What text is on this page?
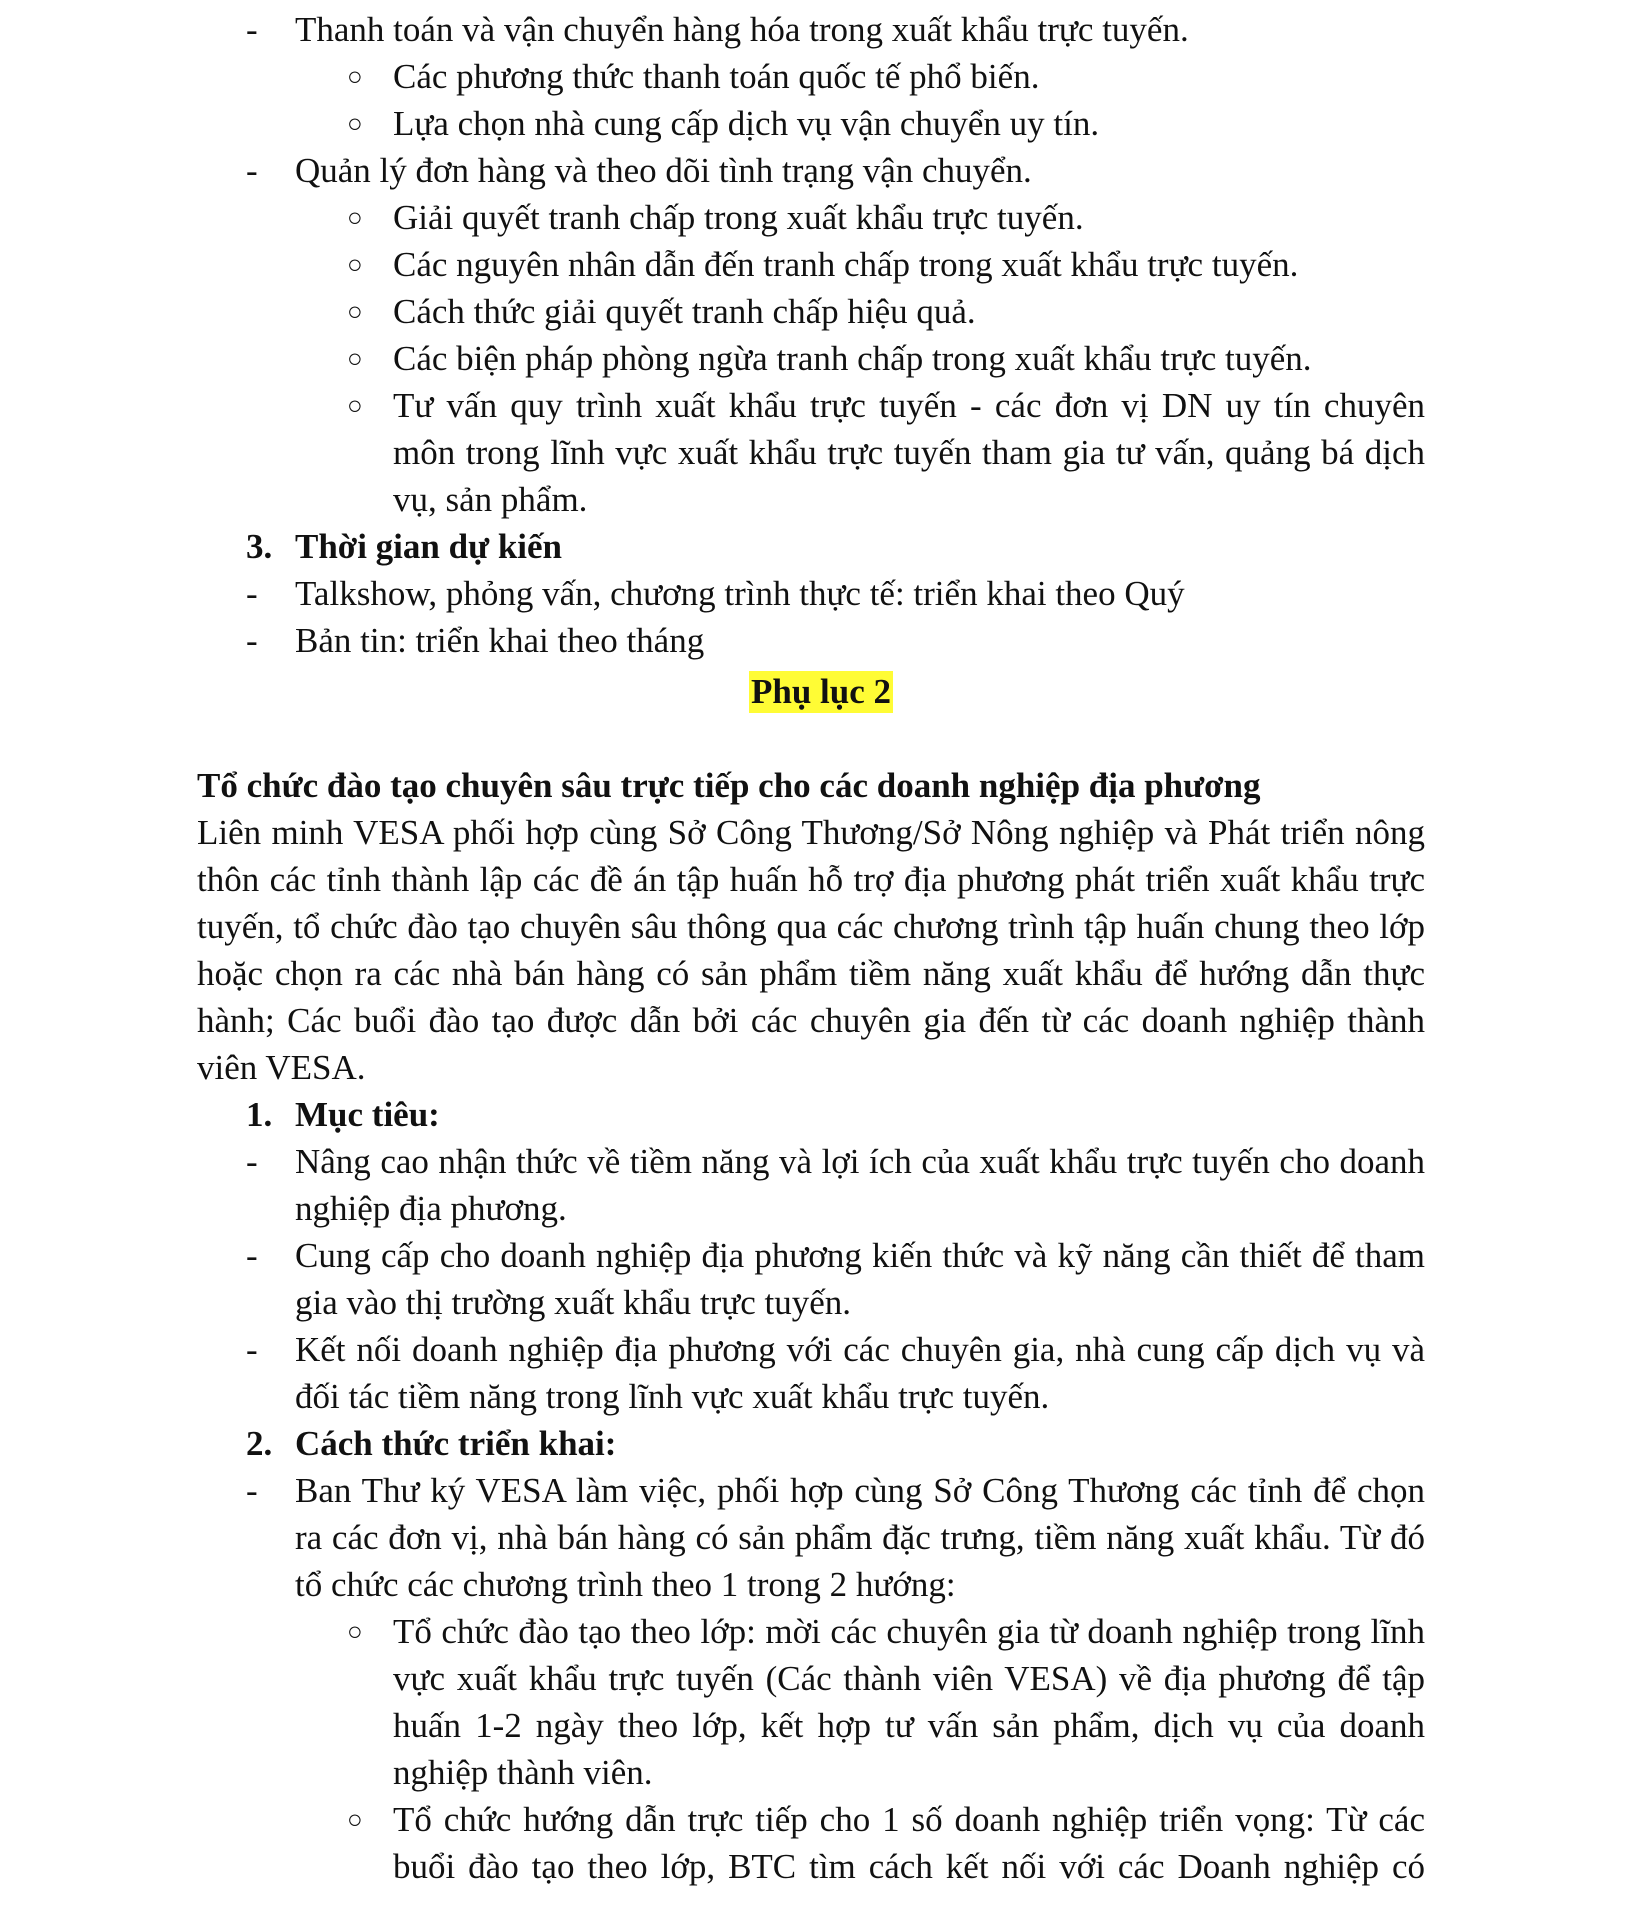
- Thanh toán và vận chuyển hàng hóa trong xuất khẩu trực tuyến.
○ Các phương thức thanh toán quốc tế phổ biến.
○ Lựa chọn nhà cung cấp dịch vụ vận chuyển uy tín.
- Quản lý đơn hàng và theo dõi tình trạng vận chuyển.
○ Giải quyết tranh chấp trong xuất khẩu trực tuyến.
○ Các nguyên nhân dẫn đến tranh chấp trong xuất khẩu trực tuyến.
○ Cách thức giải quyết tranh chấp hiệu quả.
○ Các biện pháp phòng ngừa tranh chấp trong xuất khẩu trực tuyến.
○ Tư vấn quy trình xuất khẩu trực tuyến - các đơn vị DN uy tín chuyên môn trong lĩnh vực xuất khẩu trực tuyến tham gia tư vấn, quảng bá dịch vụ, sản phẩm.
3. Thời gian dự kiến
- Talkshow, phỏng vấn, chương trình thực tế: triển khai theo Quý
- Bản tin: triển khai theo tháng
Phụ lục 2
Tổ chức đào tạo chuyên sâu trực tiếp cho các doanh nghiệp địa phương
Liên minh VESA phối hợp cùng Sở Công Thương/Sở Nông nghiệp và Phát triển nông thôn các tỉnh thành lập các đề án tập huấn hỗ trợ địa phương phát triển xuất khẩu trực tuyến, tổ chức đào tạo chuyên sâu thông qua các chương trình tập huấn chung theo lớp hoặc chọn ra các nhà bán hàng có sản phẩm tiềm năng xuất khẩu để hướng dẫn thực hành; Các buổi đào tạo được dẫn bởi các chuyên gia đến từ các doanh nghiệp thành viên VESA.
1. Mục tiêu:
- Nâng cao nhận thức về tiềm năng và lợi ích của xuất khẩu trực tuyến cho doanh nghiệp địa phương.
- Cung cấp cho doanh nghiệp địa phương kiến thức và kỹ năng cần thiết để tham gia vào thị trường xuất khẩu trực tuyến.
- Kết nối doanh nghiệp địa phương với các chuyên gia, nhà cung cấp dịch vụ và đối tác tiềm năng trong lĩnh vực xuất khẩu trực tuyến.
2. Cách thức triển khai:
- Ban Thư ký VESA làm việc, phối hợp cùng Sở Công Thương các tỉnh để chọn ra các đơn vị, nhà bán hàng có sản phẩm đặc trưng, tiềm năng xuất khẩu. Từ đó tổ chức các chương trình theo 1 trong 2 hướng:
○ Tổ chức đào tạo theo lớp: mời các chuyên gia từ doanh nghiệp trong lĩnh vực xuất khẩu trực tuyến (Các thành viên VESA) về địa phương để tập huấn 1-2 ngày theo lớp, kết hợp tư vấn sản phẩm, dịch vụ của doanh nghiệp thành viên.
○ Tổ chức hướng dẫn trực tiếp cho 1 số doanh nghiệp triển vọng: Từ các buổi đào tạo theo lớp, BTC tìm cách kết nối với các Doanh nghiệp có
